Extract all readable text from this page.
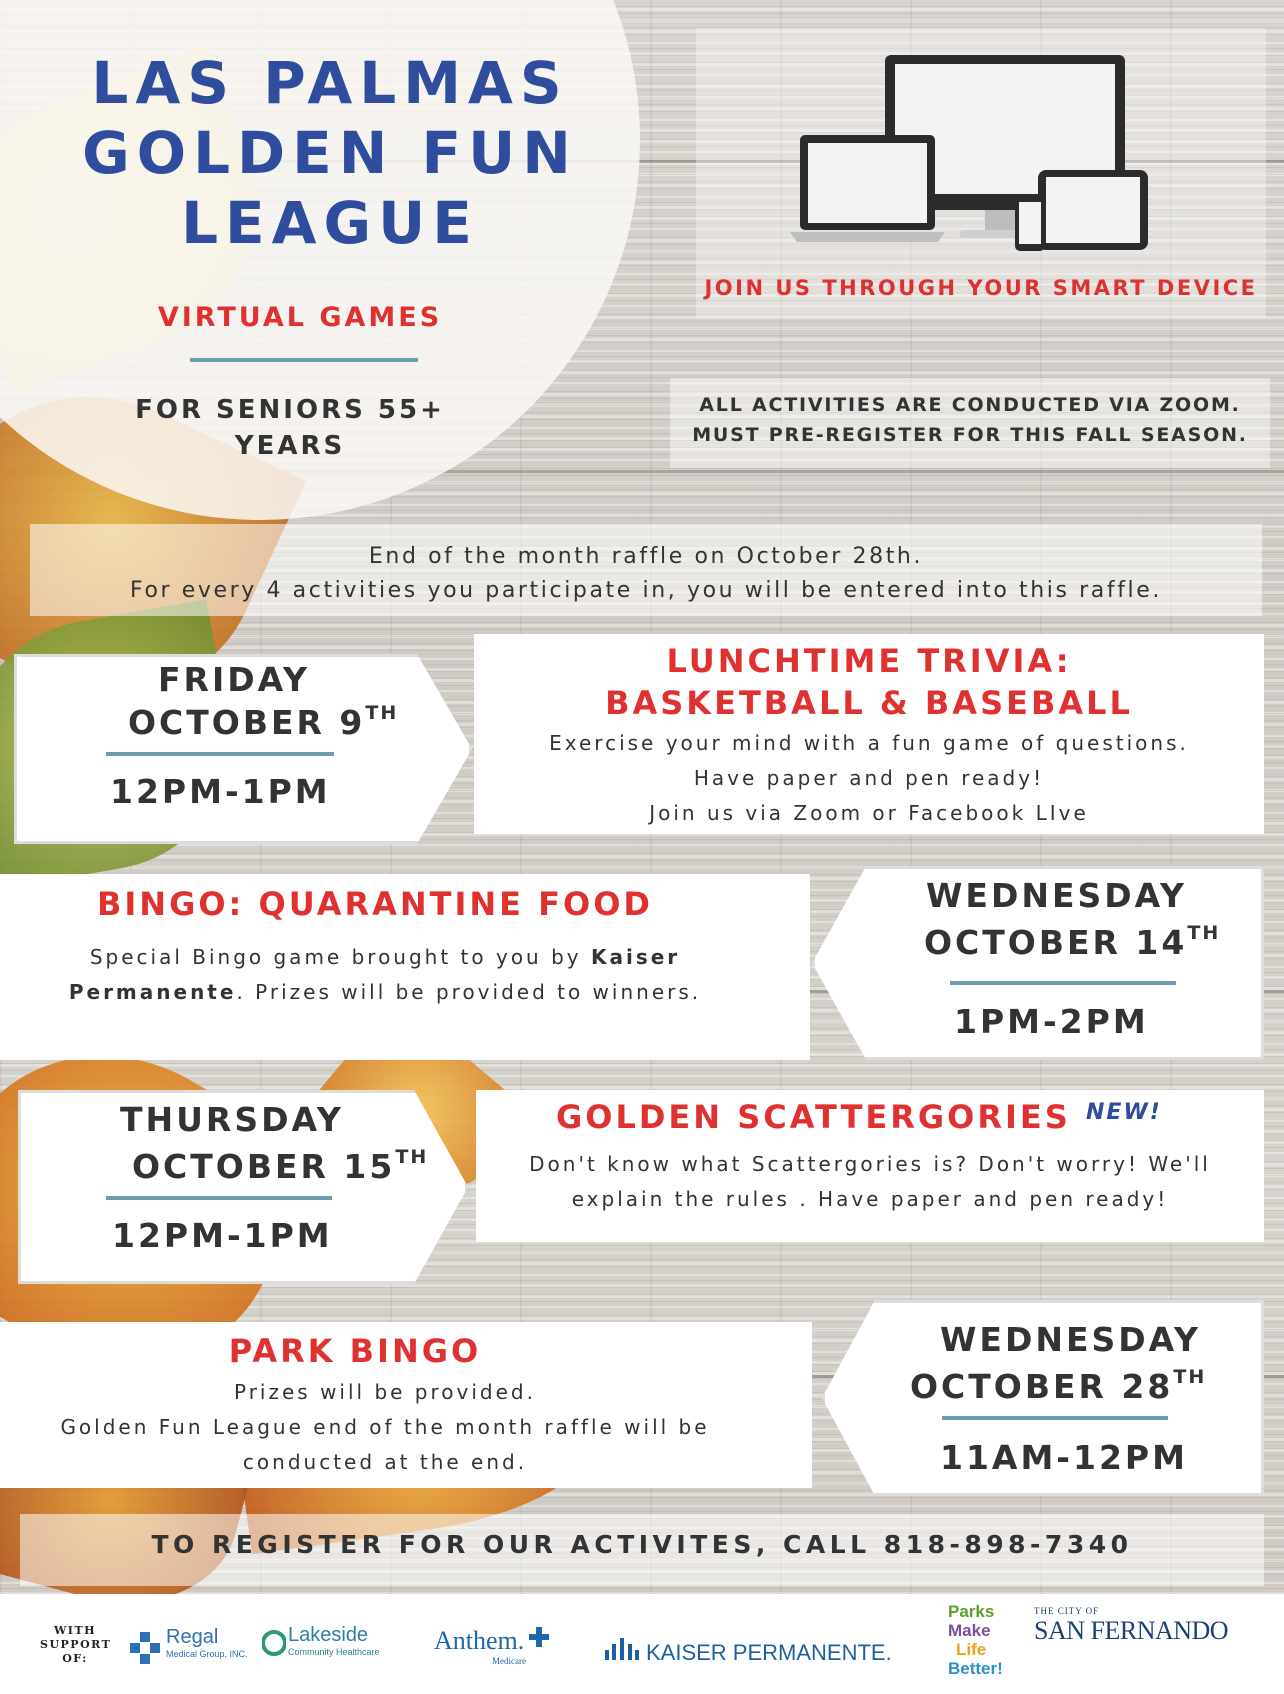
LAS PALMAS
GOLDEN FUN
LEAGUE
VIRTUAL GAMES
FOR SENIORS 55+
YEARS
JOIN US THROUGH YOUR SMART DEVICE
ALL ACTIVITIES ARE CONDUCTED VIA ZOOM.
MUST PRE-REGISTER FOR THIS FALL SEASON.
End of the month raffle on October 28th.
For every 4 activities you participate in, you will be entered into this raffle.
FRIDAY
OCTOBER 9TH
12PM-1PM
LUNCHTIME TRIVIA:
BASKETBALL & BASEBALL
Exercise your mind with a fun game of questions.
Have paper and pen ready!
Join us via Zoom or Facebook LIve
BINGO: QUARANTINE FOOD
Special Bingo game brought to you by Kaiser Permanente. Prizes will be provided to winners.
WEDNESDAY
OCTOBER 14TH
1PM-2PM
THURSDAY
OCTOBER 15TH
12PM-1PM
GOLDEN SCATTERGORIES NEW!
Don't know what Scattergories is? Don't worry! We'll
explain the rules . Have paper and pen ready!
PARK BINGO
Prizes will be provided.
Golden Fun League end of the month raffle will be
conducted at the end.
WEDNESDAY
OCTOBER 28TH
11AM-12PM
TO REGISTER FOR OUR ACTIVITES, CALL 818-898-7340
WITH
SUPPORT
OF:
Regal
Medical Group, INC.
Lakeside
Community Healthcare Anthem.
Medicare	KAISER PERMANENTE.
Parks
Make
Life
Better!
THE CITY OF
SAN FERNANDO
